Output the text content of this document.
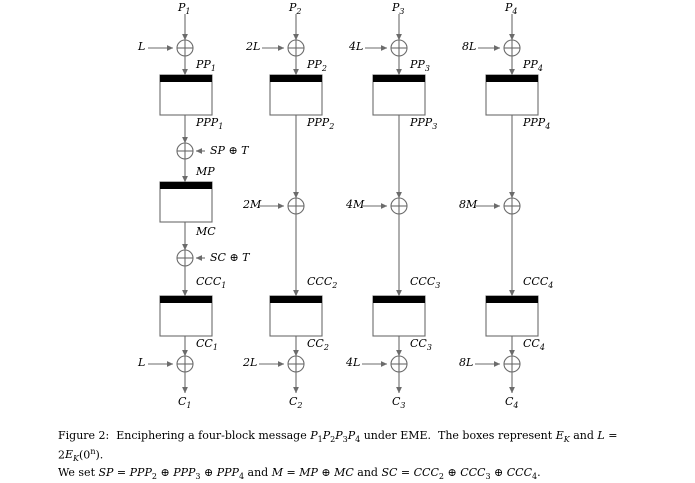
$P_1$
L
$PP_1$
$PPP_1$
SP ⊕ T
MP
MC
SC ⊕ T
$CCC_1$
$CC_1$
L
$C_1$
$P_2$
2L
$PP_2$
$PPP_2$
2M
$CCC_2$
$CC_2$
2L
$C_2$
$P_3$
4L
$PP_3$
$PPP_3$
4M
$CCC_3$
$CC_3$
4L
$C_3$
$P_4$
8L
$PP_4$
$PPP_4$
8M
$CCC_4$
$CC_4$
8L
$C_4$
Figure 2:  Enciphering a four-block message $P_1P_2P_3P_4$ under EME.  The boxes represent $E_K$ and $L = 2E_K(0^n)$.
We set SP = $PPP_2$ ⊕ $PPP_3$ ⊕ $PPP_4$ and M = MP ⊕ MC and SC = $CCC_2$ ⊕ $CCC_3$ ⊕ $CCC_4$.
